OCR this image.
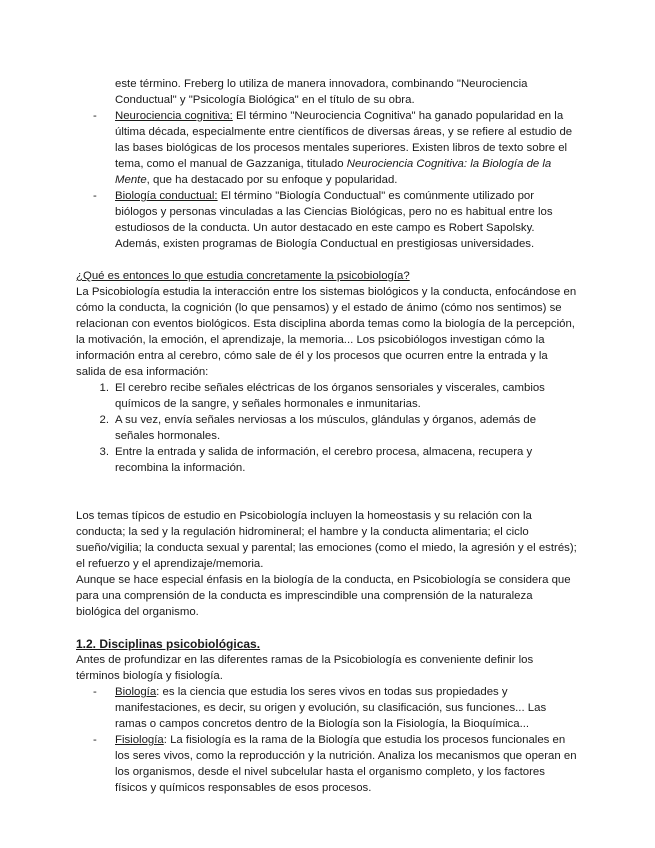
este término. Freberg lo utiliza de manera innovadora, combinando "Neurociencia Conductual" y "Psicología Biológica" en el título de su obra.

- Neurociencia cognitiva: El término "Neurociencia Cognitiva" ha ganado popularidad en la última década, especialmente entre científicos de diversas áreas, y se refiere al estudio de las bases biológicas de los procesos mentales superiores. Existen libros de texto sobre el tema, como el manual de Gazzaniga, titulado Neurociencia Cognitiva: la Biología de la Mente, que ha destacado por su enfoque y popularidad.
- Biología conductual: El término "Biología Conductual" es comúnmente utilizado por biólogos y personas vinculadas a las Ciencias Biológicas, pero no es habitual entre los estudiosos de la conducta. Un autor destacado en este campo es Robert Sapolsky. Además, existen programas de Biología Conductual en prestigiosas universidades.

¿Qué es entonces lo que estudia concretamente la psicobiología?

La Psicobiología estudia la interacción entre los sistemas biológicos y la conducta, enfocándose en cómo la conducta, la cognición (lo que pensamos) y el estado de ánimo (cómo nos sentimos) se relacionan con eventos biológicos. Esta disciplina aborda temas como la biología de la percepción, la motivación, la emoción, el aprendizaje, la memoria... Los psicobiólogos investigan cómo la información entra al cerebro, cómo sale de él y los procesos que ocurren entre la entrada y la salida de esa información:

1. El cerebro recibe señales eléctricas de los órganos sensoriales y viscerales, cambios químicos de la sangre, y señales hormonales e inmunitarias.
2. A su vez, envía señales nerviosas a los músculos, glándulas y órganos, además de señales hormonales.
3. Entre la entrada y salida de información, el cerebro procesa, almacena, recupera y recombina la información.

Los temas típicos de estudio en Psicobiología incluyen la homeostasis y su relación con la conducta; la sed y la regulación hidromineral; el hambre y la conducta alimentaria; el ciclo sueño/vigilia; la conducta sexual y parental; las emociones (como el miedo, la agresión y el estrés); el refuerzo y el aprendizaje/memoria.

Aunque se hace especial énfasis en la biología de la conducta, en Psicobiología se considera que para una comprensión de la conducta es imprescindible una comprensión de la naturaleza biológica del organismo.

1.2. Disciplinas psicobiológicas.

Antes de profundizar en las diferentes ramas de la Psicobiología es conveniente definir los términos biología y fisiología.

- Biología: es la ciencia que estudia los seres vivos en todas sus propiedades y manifestaciones, es decir, su origen y evolución, su clasificación, sus funciones... Las ramas o campos concretos dentro de la Biología son la Fisiología, la Bioquímica...
- Fisiología: La fisiología es la rama de la Biología que estudia los procesos funcionales en los seres vivos, como la reproducción y la nutrición. Analiza los mecanismos que operan en los organismos, desde el nivel subcelular hasta el organismo completo, y los factores físicos y químicos responsables de esos procesos.
